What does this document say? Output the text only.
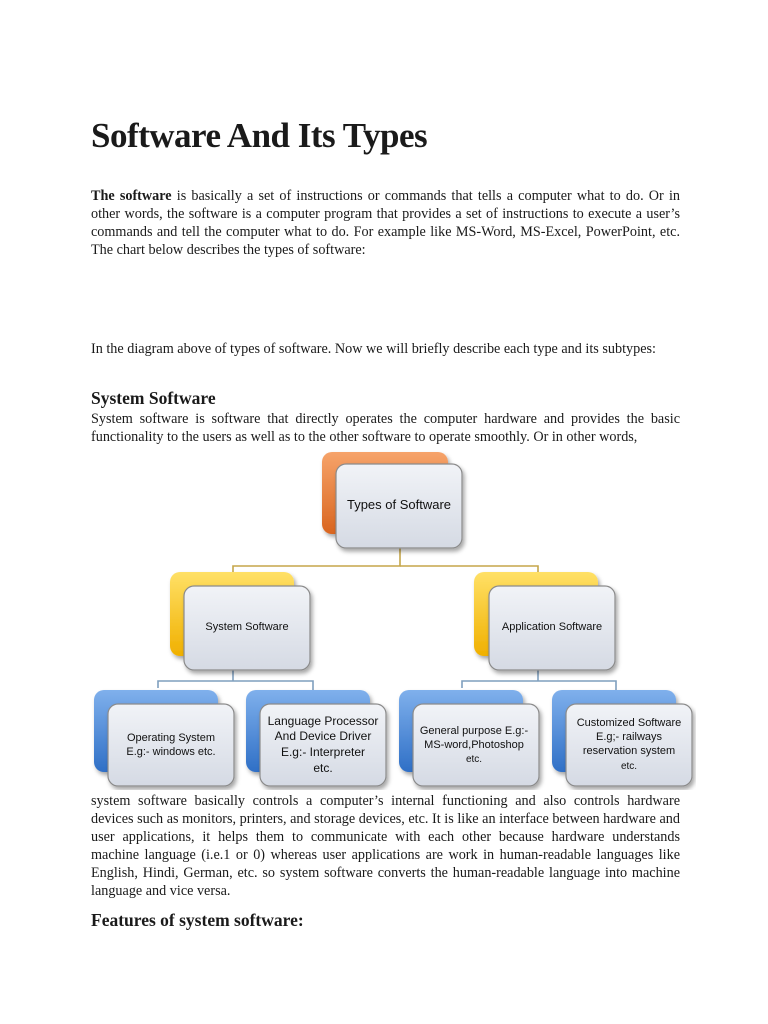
Software And Its Types

The software is basically a set of instructions or commands that tells a computer what to do. Or in other words, the software is a computer program that provides a set of instructions to execute a user’s commands and tell the computer what to do. For example like MS-Word, MS-Excel, PowerPoint, etc. The chart below describes the types of software:

In the diagram above of types of software. Now we will briefly describe each type and its subtypes:

System Software

System software is software that directly operates the computer hardware and provides the basic functionality to the users as well as to the other software to operate smoothly. Or in other words,

Types of Software
System Software	Application Software
Operating System
E.g:- windows etc.
Language Processor
And Device Driver
E.g:- Interpreter
etc.
General purpose E.g:-
MS-word,Photoshop
etc.
Customized Software
E.g;- railways
reservation system
etc.

system software basically controls a computer’s internal functioning and also controls hardware devices such as monitors, printers, and storage devices, etc. It is like an interface between hardware and user applications, it helps them to communicate with each other because hardware understands machine language (i.e.1 or 0) whereas user applications are work in human-readable languages like English, Hindi, German, etc. so system software converts the human-readable language into machine language and vice versa.

Features of system software:
